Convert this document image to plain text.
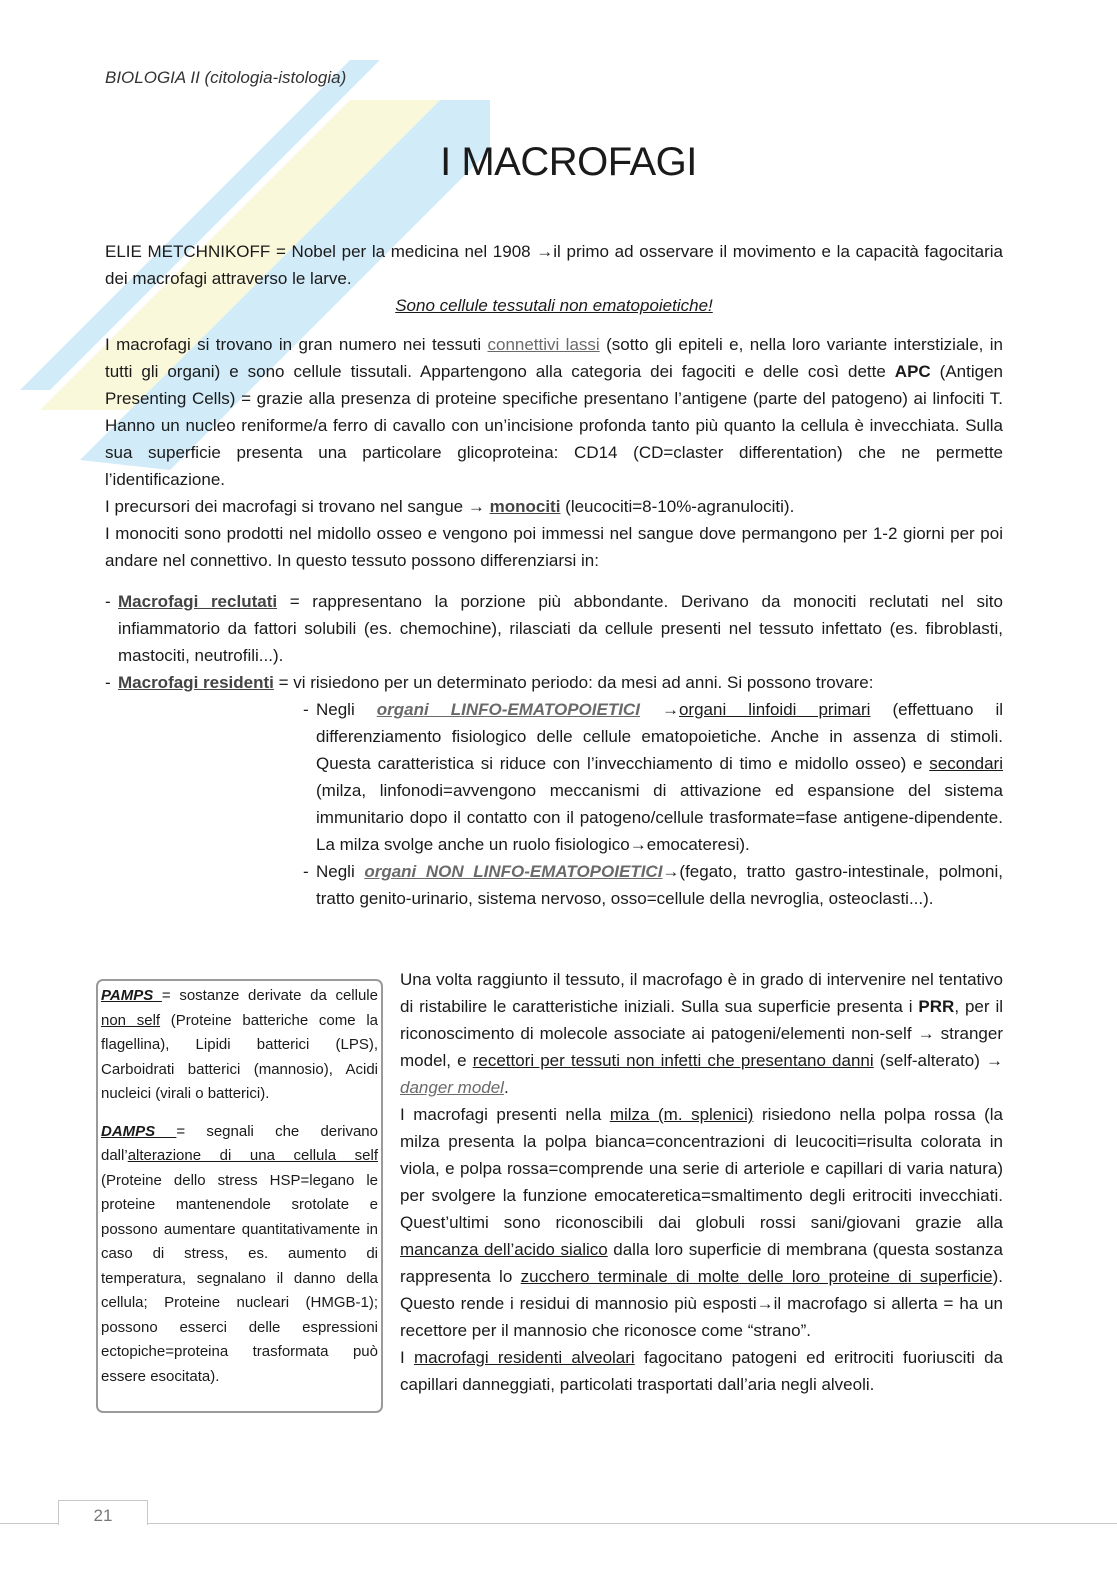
BIOLOGIA II (citologia-istologia)
I MACROFAGI
ELIE METCHNIKOFF = Nobel per la medicina nel 1908 →il primo ad osservare il movimento e la capacità fagocitaria dei macrofagi attraverso le larve.
Sono cellule tessutali non ematopoietiche!
I macrofagi si trovano in gran numero nei tessuti connettivi lassi (sotto gli epiteli e, nella loro variante interstiziale, in tutti gli organi) e sono cellule tissutali. Appartengono alla categoria dei fagociti e delle così dette APC (Antigen Presenting Cells) = grazie alla presenza di proteine specifiche presentano l’antigene (parte del patogeno) ai linfociti T. Hanno un nucleo reniforme/a ferro di cavallo con un’incisione profonda tanto più quanto la cellula è invecchiata. Sulla sua superficie presenta una particolare glicoproteina: CD14 (CD=claster differentation) che ne permette l’identificazione.
I precursori dei macrofagi si trovano nel sangue → monociti (leucociti=8-10%-agranulociti).
I monociti sono prodotti nel midollo osseo e vengono poi immessi nel sangue dove permangono per 1-2 giorni per poi andare nel connettivo. In questo tessuto possono differenziarsi in:
- Macrofagi reclutati = rappresentano la porzione più abbondante. Derivano da monociti reclutati nel sito infiammatorio da fattori solubili (es. chemochine), rilasciati da cellule presenti nel tessuto infettato (es. fibroblasti, mastociti, neutrofili...).
- Macrofagi residenti = vi risiedono per un determinato periodo: da mesi ad anni. Si possono trovare:
- Negli organi LINFO-EMATOPOIETICI →organi linfoidi primari (effettuano il differenziamento fisiologico delle cellule ematopoietiche. Anche in assenza di stimoli. Questa caratteristica si riduce con l’invecchiamento di timo e midollo osseo) e secondari (milza, linfonodi=avvengono meccanismi di attivazione ed espansione del sistema immunitario dopo il contatto con il patogeno/cellule trasformate=fase antigene-dipendente. La milza svolge anche un ruolo fisiologico→emocateresi).
- Negli organi NON LINFO-EMATOPOIETICI→(fegato, tratto gastro-intestinale, polmoni, tratto genito-urinario, sistema nervoso, osso=cellule della nevroglia, osteoclasti...).

PAMPS = sostanze derivate da cellule non self (Proteine batteriche come la flagellina), Lipidi batterici (LPS), Carboidrati batterici (mannosio), Acidi nucleici (virali o batterici).

DAMPS = segnali che derivano dall’alterazione di una cellula self (Proteine dello stress HSP=legano le proteine mantenendole srotolate e possono aumentare quantitativamente in caso di stress, es. aumento di temperatura, segnalano il danno della cellula; Proteine nucleari (HMGB-1); possono esserci delle espressioni ectopiche=proteina trasformata può essere esocitata).

Una volta raggiunto il tessuto, il macrofago è in grado di intervenire nel tentativo di ristabilire le caratteristiche iniziali. Sulla sua superficie presenta i PRR, per il riconoscimento di molecole associate ai patogeni/elementi non-self → stranger model, e recettori per tessuti non infetti che presentano danni (self-alterato) → danger model.
I macrofagi presenti nella milza (m. splenici) risiedono nella polpa rossa (la milza presenta la polpa bianca=concentrazioni di leucociti=risulta colorata in viola, e polpa rossa=comprende una serie di arteriole e capillari di varia natura) per svolgere la funzione emocateretica=smaltimento degli eritrociti invecchiati. Quest’ultimi sono riconoscibili dai globuli rossi sani/giovani grazie alla mancanza dell’acido sialico dalla loro superficie di membrana (questa sostanza rappresenta lo zucchero terminale di molte delle loro proteine di superficie). Questo rende i residui di mannosio più esposti→il macrofago si allerta = ha un recettore per il mannosio che riconosce come “strano”.
I macrofagi residenti alveolari fagocitano patogeni ed eritrociti fuoriusciti da capillari danneggiati, particolati trasportati dall’aria negli alveoli.
21
